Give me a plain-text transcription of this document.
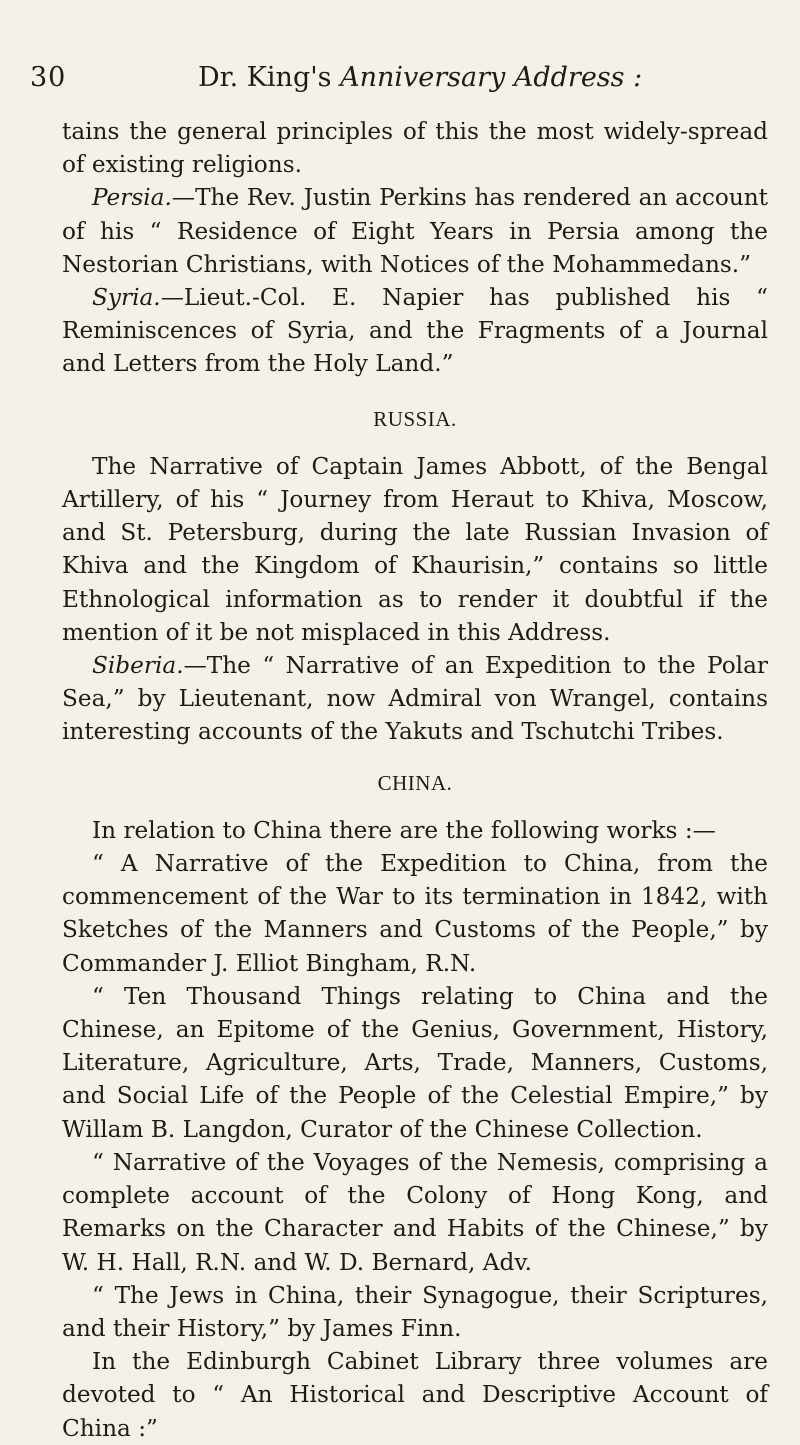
30	Dr. King's Anniversary Address :

tains the general principles of this the most widely-spread of existing religions.

Persia.—The Rev. Justin Perkins has rendered an account of his “ Residence of Eight Years in Persia among the Nestorian Christians, with Notices of the Mohammedans.”

Syria.—Lieut.-Col. E. Napier has published his “ Reminiscences of Syria, and the Fragments of a Journal and Letters from the Holy Land.”

RUSSIA.

The Narrative of Captain James Abbott, of the Bengal Artillery, of his “ Journey from Heraut to Khiva, Moscow, and St. Petersburg, during the late Russian Invasion of Khiva and the Kingdom of Khaurisin,” contains so little Ethnological information as to render it doubtful if the mention of it be not misplaced in this Address.

Siberia.—The “ Narrative of an Expedition to the Polar Sea,” by Lieutenant, now Admiral von Wrangel, contains interesting accounts of the Yakuts and Tschutchi Tribes.

CHINA.

In relation to China there are the following works :—

“ A Narrative of the Expedition to China, from the commencement of the War to its termination in 1842, with Sketches of the Manners and Customs of the People,” by Commander J. Elliot Bingham, R.N.

“ Ten Thousand Things relating to China and the Chinese, an Epitome of the Genius, Government, History, Literature, Agriculture, Arts, Trade, Manners, Customs, and Social Life of the People of the Celestial Empire,” by Willam B. Langdon, Curator of the Chinese Collection.

“ Narrative of the Voyages of the Nemesis, comprising a complete account of the Colony of Hong Kong, and Remarks on the Character and Habits of the Chinese,” by W. H. Hall, R.N. and W. D. Bernard, Adv.

“ The Jews in China, their Synagogue, their Scriptures, and their History,” by James Finn.

In the Edinburgh Cabinet Library three volumes are devoted to “ An Historical and Descriptive Account of China :”
